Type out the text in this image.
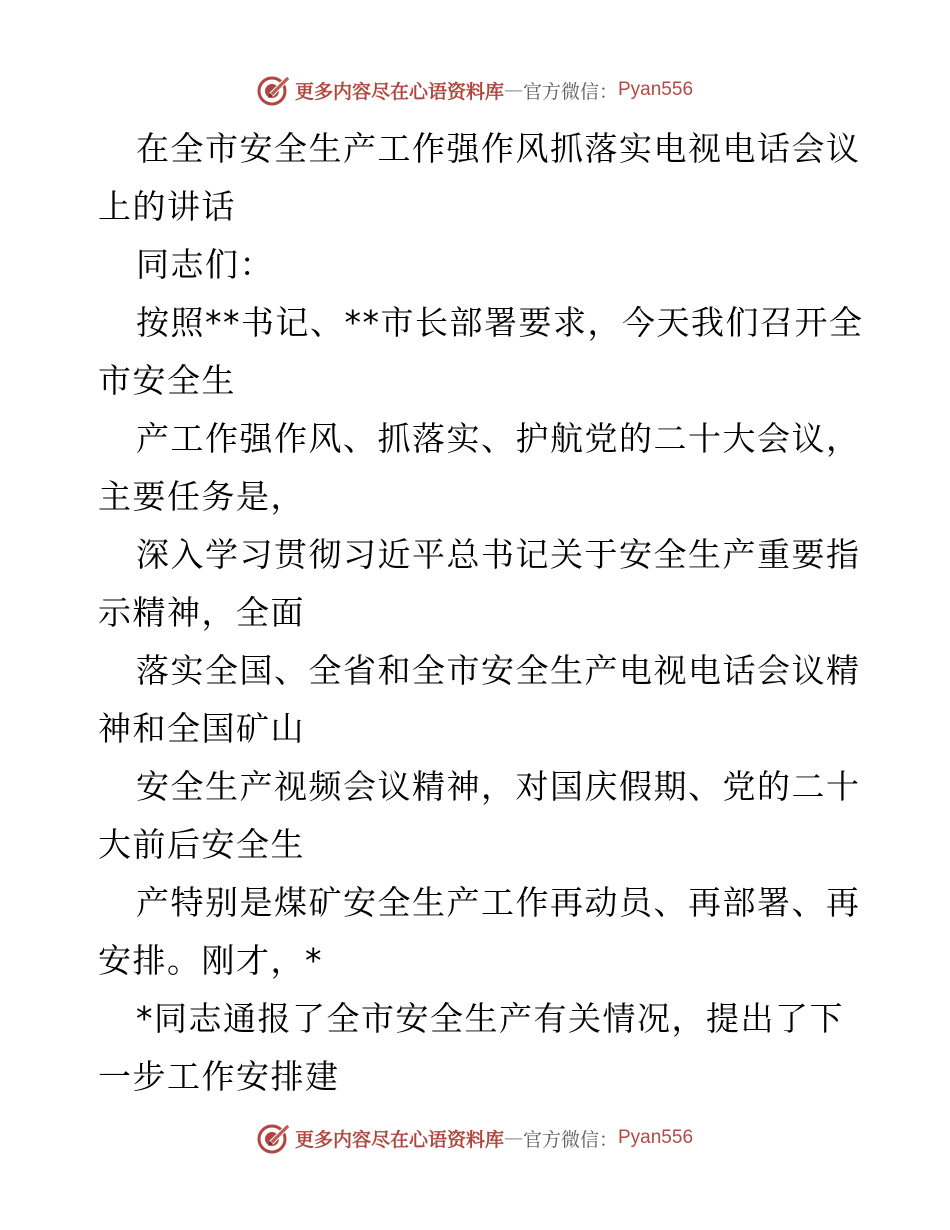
更多内容尽在心语资料库 — 官方微信： Pyan556
在全市安全生产工作强作风抓落实电视电话会议
上的讲话
同志们：
按照**书记、**市长部署要求，今天我们召开全
市安全生
产工作强作风、抓落实、护航党的二十大会议，
主要任务是，
深入学习贯彻习近平总书记关于安全生产重要指
示精神，全面
落实全国、全省和全市安全生产电视电话会议精
神和全国矿山
安全生产视频会议精神，对国庆假期、党的二十
大前后安全生
产特别是煤矿安全生产工作再动员、再部署、再
安排。刚才，*
*同志通报了全市安全生产有关情况，提出了下
一步工作安排建
更多内容尽在心语资料库 — 官方微信： Pyan556
